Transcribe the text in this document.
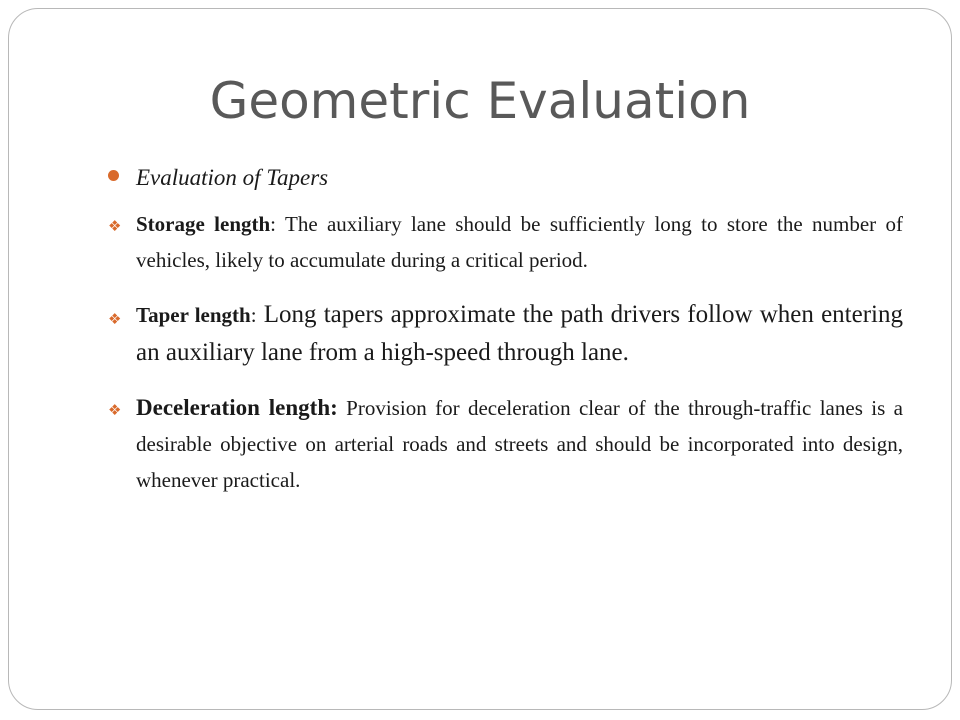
Geometric Evaluation
Evaluation of Tapers
❖ Storage length: The auxiliary lane should be sufficiently long to store the number of vehicles, likely to accumulate during a critical period.
❖ Taper length: Long tapers approximate the path drivers follow when entering an auxiliary lane from a high-speed through lane.
❖ Deceleration length: Provision for deceleration clear of the through-traffic lanes is a desirable objective on arterial roads and streets and should be incorporated into design, whenever practical.
